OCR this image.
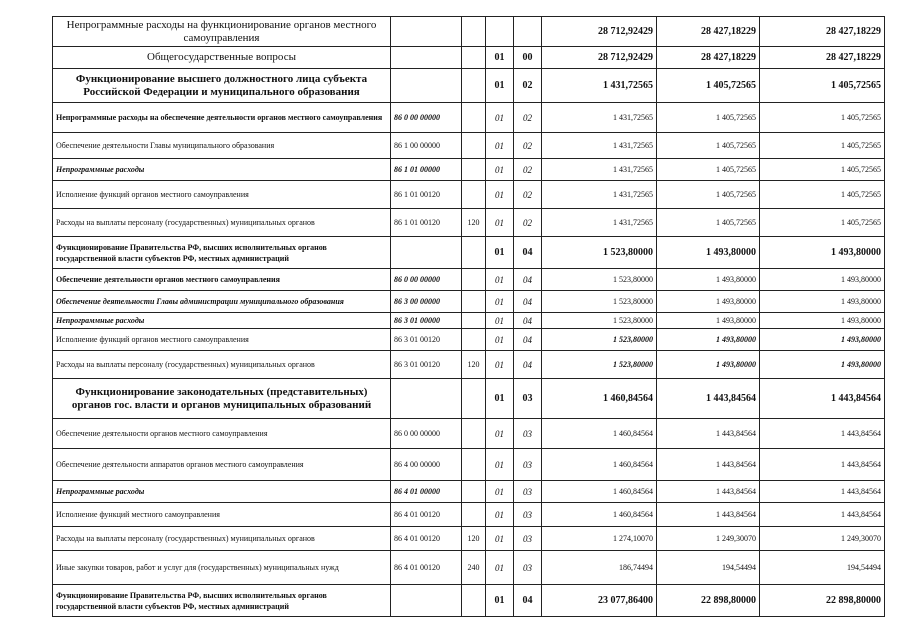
Непрограммные расходы на функционирование органов местного самоуправления					28 712,92429	28 427,18229	28 427,18229
Общегосударственные вопросы			01	00	28 712,92429	28 427,18229	28 427,18229
Функционирование высшего должностного лица субъекта Российской Федерации и муниципального образования			01	02	1 431,72565	1 405,72565	1 405,72565
Непрограммные расходы на обеспечение деятельности органов местного самоуправления	86 0 00 00000		01	02	1 431,72565	1 405,72565	1 405,72565
Обеспечение деятельности Главы муниципального образования	86 1 00 00000		01	02	1 431,72565	1 405,72565	1 405,72565
Непрограммные расходы	86 1 01 00000		01	02	1 431,72565	1 405,72565	1 405,72565
Исполнение функций органов местного самоуправления	86 1 01 00120		01	02	1 431,72565	1 405,72565	1 405,72565
Расходы на выплаты персоналу (государственных) муниципальных органов	86 1 01 00120	120	01	02	1 431,72565	1 405,72565	1 405,72565
Функционирование Правительства РФ, высших исполнительных органов государственной власти субъектов РФ, местных администраций			01	04	1 523,80000	1 493,80000	1 493,80000
Обеспечение деятельности органов местного самоуправления	86 0 00 00000		01	04	1 523,80000	1 493,80000	1 493,80000
Обеспечение деятельности Главы администрации муниципального образования	86 3 00 00000		01	04	1 523,80000	1 493,80000	1 493,80000
Непрограммные расходы	86 3 01 00000		01	04	1 523,80000	1 493,80000	1 493,80000
Исполнение функций органов местного самоуправления	86 3 01 00120		01	04	1 523,80000	1 493,80000	1 493,80000
Расходы на выплаты персоналу (государственных) муниципальных органов	86 3 01 00120	120	01	04	1 523,80000	1 493,80000	1 493,80000
Функционирование законодательных (представительных) органов гос. власти и органов муниципальных образований			01	03	1 460,84564	1 443,84564	1 443,84564
Обеспечение деятельности органов местного самоуправления	86 0 00 00000		01	03	1 460,84564	1 443,84564	1 443,84564
Обеспечение деятельности аппаратов органов местного самоуправления	86 4 00 00000		01	03	1 460,84564	1 443,84564	1 443,84564
Непрограммные расходы	86 4 01 00000		01	03	1 460,84564	1 443,84564	1 443,84564
Исполнение функций местного самоуправления	86 4 01 00120		01	03	1 460,84564	1 443,84564	1 443,84564
Расходы на выплаты персоналу (государственных) муниципальных органов	86 4 01 00120	120	01	03	1 274,10070	1 249,30070	1 249,30070
Иные закупки товаров, работ и услуг для (государственных) муниципальных нужд	86 4 01 00120	240	01	03	186,74494	194,54494	194,54494
Функционирование Правительства РФ, высших исполнительных органов государственной власти субъектов РФ, местных администраций			01	04	23 077,86400	22 898,80000	22 898,80000
